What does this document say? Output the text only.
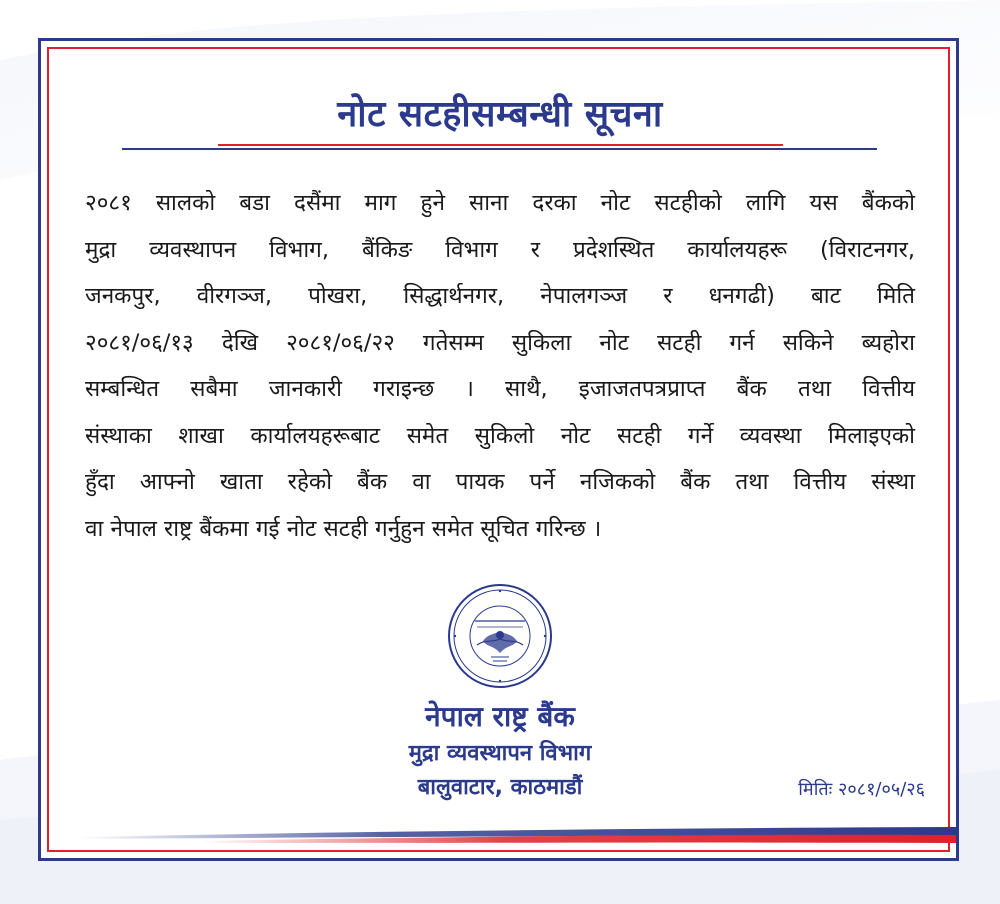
नोट सटहीसम्बन्धी सूचना
२०८१ सालको बडा दसैंमा माग हुने साना दरका नोट सटहीको लागि यस बैंकको
मुद्रा व्यवस्थापन विभाग, बैंकिङ विभाग र प्रदेशस्थित कार्यालयहरू (विराटनगर,
जनकपुर, वीरगञ्ज, पोखरा, सिद्धार्थनगर, नेपालगञ्ज र धनगढी) बाट मिति
२०८१/०६/१३ देखि २०८१/०६/२२ गतेसम्म सुकिला नोट सटही गर्न सकिने ब्यहोरा
सम्बन्धित सबैमा जानकारी गराइन्छ । साथै, इजाजतपत्रप्राप्त बैंक तथा वित्तीय
संस्थाका शाखा कार्यालयहरूबाट समेत सुकिलो नोट सटही गर्ने व्यवस्था मिलाइएको
हुँदा आफ्नो खाता रहेको बैंक वा पायक पर्ने नजिकको बैंक तथा वित्तीय संस्था
वा नेपाल राष्ट्र बैंकमा गई नोट सटही गर्नुहुन समेत सूचित गरिन्छ ।
नेपाल राष्ट्र बैंक
मुद्रा व्यवस्थापन विभाग
बालुवाटार, काठमाडौं	मितिः २०८१/०५/२६
